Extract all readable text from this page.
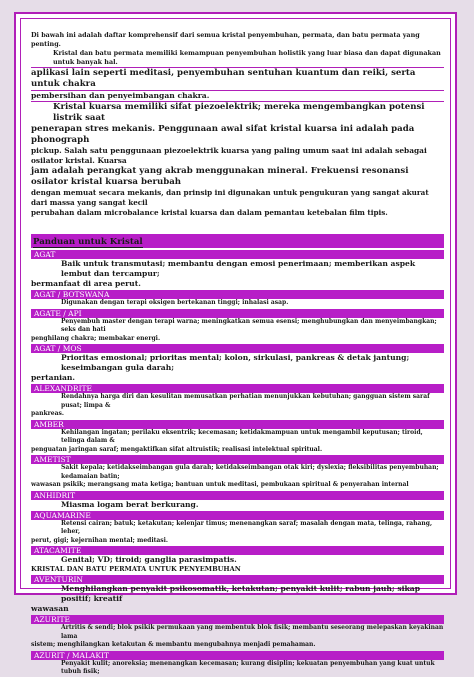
Di bawah ini adalah daftar komprehensif dari semua kristal penyembuhan, permata, dan batu permata yang penting.

Kristal dan batu permata memiliki kemampuan penyembuhan holistik yang luar biasa dan dapat digunakan untuk banyak hal.

aplikasi lain seperti meditasi, penyembuhan sentuhan kuantum dan reiki, serta untuk chakra

pembersihan dan penyeimbangan chakra.

Kristal kuarsa memiliki sifat piezoelektrik; mereka mengembangkan potensi listrik saat

penerapan stres mekanis. Penggunaan awal sifat kristal kuarsa ini adalah pada phonograph

pickup. Salah satu penggunaan piezoelektrik kuarsa yang paling umum saat ini adalah sebagai osilator kristal. Kuarsa

jam adalah perangkat yang akrab menggunakan mineral. Frekuensi resonansi osilator kristal kuarsa berubah

dengan memuat secara mekanis, dan prinsip ini digunakan untuk pengukuran yang sangat akurat dari massa yang sangat kecil

perubahan dalam microbalance kristal kuarsa dan dalam pemantau ketebalan film tipis.

Panduan untuk Kristal
AGAT
Baik untuk transmutasi; membantu dengan emosi penerimaan; memberikan aspek lembut dan tercampur;
bermanfaat di area perut.
AGAT / BOTSWANA
Digunakan dengan terapi oksigen bertekanan tinggi; inhalasi asap.
AGATE / API
Penyembuh master dengan terapi warna; meningkatkan semua esensi; menghubungkan dan menyeimbangkan; seks dan hati
penghilang chakra; membakar energi.
AGAT / MOS
Prioritas emosional; prioritas mental; kolon, sirkulasi, pankreas & detak jantung; keseimbangan gula darah;
pertanian.
ALEXANDRITE
Rendahnya harga diri dan kesulitan memusatkan perhatian menunjukkan kebutuhan; gangguan sistem saraf pusat; limpa &
pankreas.
AMBER
Kehilangan ingatan; perilaku eksentrik; kecemasan; ketidakmampuan untuk mengambil keputusan; tiroid, telinga dalam &
penguatan jaringan saraf; mengaktifkan sifat altruistik; realisasi intelektual spiritual.
AMETIST
Sakit kepala; ketidakseimbangan gula darah; ketidakseimbangan otak kiri; dyslexia; fleksibilitas penyembuhan; kedamaian batin;
wawasan psikik; merangsang mata ketiga; bantuan untuk meditasi, pembukaan spiritual & penyerahan internal
ANHIDRIT
Miasma logam berat berkurang.
AQUAMARINE
Retensi cairan; batuk; ketakutan; kelenjar timus; menenangkan saraf; masalah dengan mata, telinga, rahang, leher,
perut, gigi; kejernihan mental; meditasi.
ATACAMITE
Genital; VD; tiroid; ganglia parasimpatis.
KRISTAL DAN BATU PERMATA UNTUK PENYEMBUHAN
AVENTURIN
Menghilangkan penyakit psikosomatik, ketakutan; penyakit kulit; rabun jauh; sikap positif; kreatif
wawasan
AZURITE
Artritis & sendi; blok psikik permukaan yang membentuk blok fisik; membantu seseorang melepaskan keyakinan lama
sistem; menghilangkan ketakutan & membantu mengubahnya menjadi pemahaman.
AZURIT / MALAKIT
Penyakit kulit; anoreksia; menenangkan kecemasan; kurang disiplin; kekuatan penyembuhan yang kuat untuk tubuh fisik;
